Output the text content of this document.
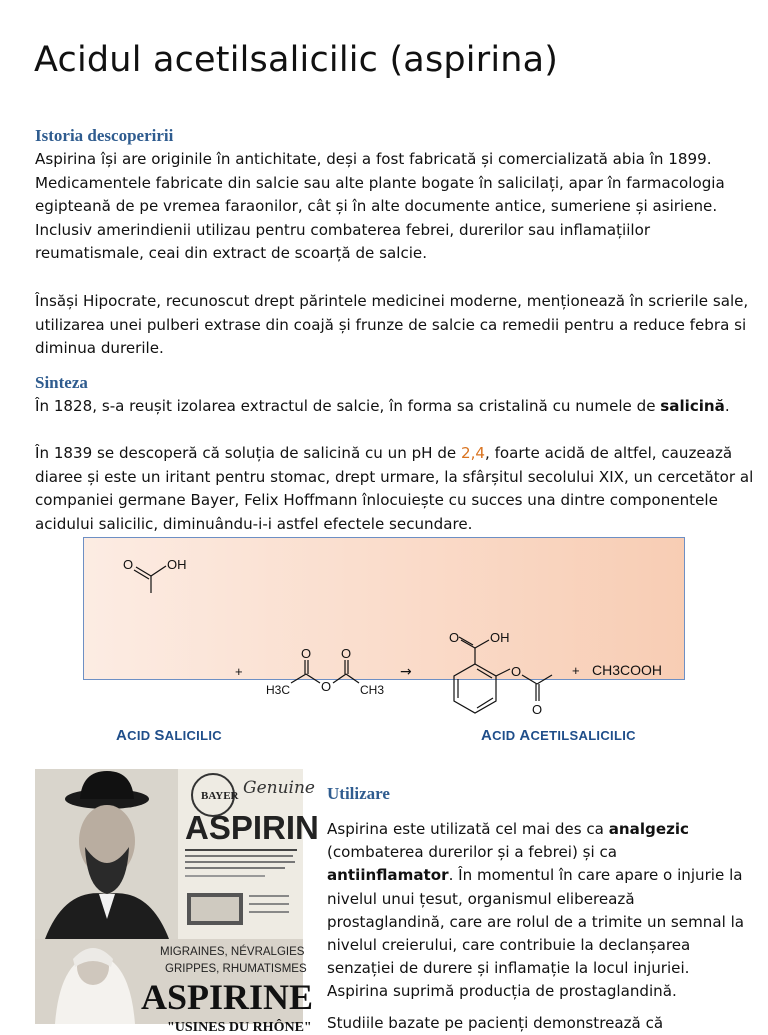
Acidul acetilsalicilic (aspirina)
Istoria descoperirii

Aspirina își are originile în antichitate, deși a fost fabricată și comercializată abia în 1899. Medicamentele fabricate din salcie sau alte plante bogate în salicilați, apar în farmacologia egipteană de pe vremea faraonilor, cât și în alte documente antice, sumeriene și asiriene. Inclusiv amerindienii utilizau pentru combaterea febrei, durerilor sau inflamațiilor reumatismale, ceai din extract de scoarță de salcie.

Însăși Hipocrate, recunoscut drept părintele medicinei moderne, menționează în scrierile sale, utilizarea unei pulberi extrase din coajă și frunze de salcie ca remedii pentru a reduce febra si diminua durerile.

Sinteza

În 1828, s-a reușit izolarea extractul de salcie, în forma sa cristalină cu numele de salicină.

În 1839 se descoperă că soluția de salicină cu un pH de 2,4, foarte acidă de altfel, cauzează diaree și este un iritant pentru stomac, drept urmare, la sfârșitul secolului XIX, un cercetător al companiei germane Bayer, Felix Hoffmann înlocuiește cu succes una dintre componentele acidului salicilic, diminuându-i-i astfel efectele secundare.

O	OH
+
O O
O
H3C	CH3
→
O OH
O
O
+ CH3COOH
ACID SALICILIC	ACID ACETILSALICILIC
BAYER Genuine
ASPIRIN
MIGRAINES, NÉVRALGIES
GRIPPES, RHUMATISMES
ASPIRINE
"USINES DU RHÔNE"
Utilizare

Aspirina este utilizată cel mai des ca analgezic (combaterea durerilor și a febrei) și ca antiinflamator. În momentul în care apare o injurie la nivelul unui țesut, organismul eliberează prostaglandină, care are rolul de a trimite un semnal la nivelul creierului, care contribuie la declanșarea senzației de durere și inflamație la locul injuriei. Aspirina suprimă producția de prostaglandină.

Studiile bazate pe pacienți demonstrează că
